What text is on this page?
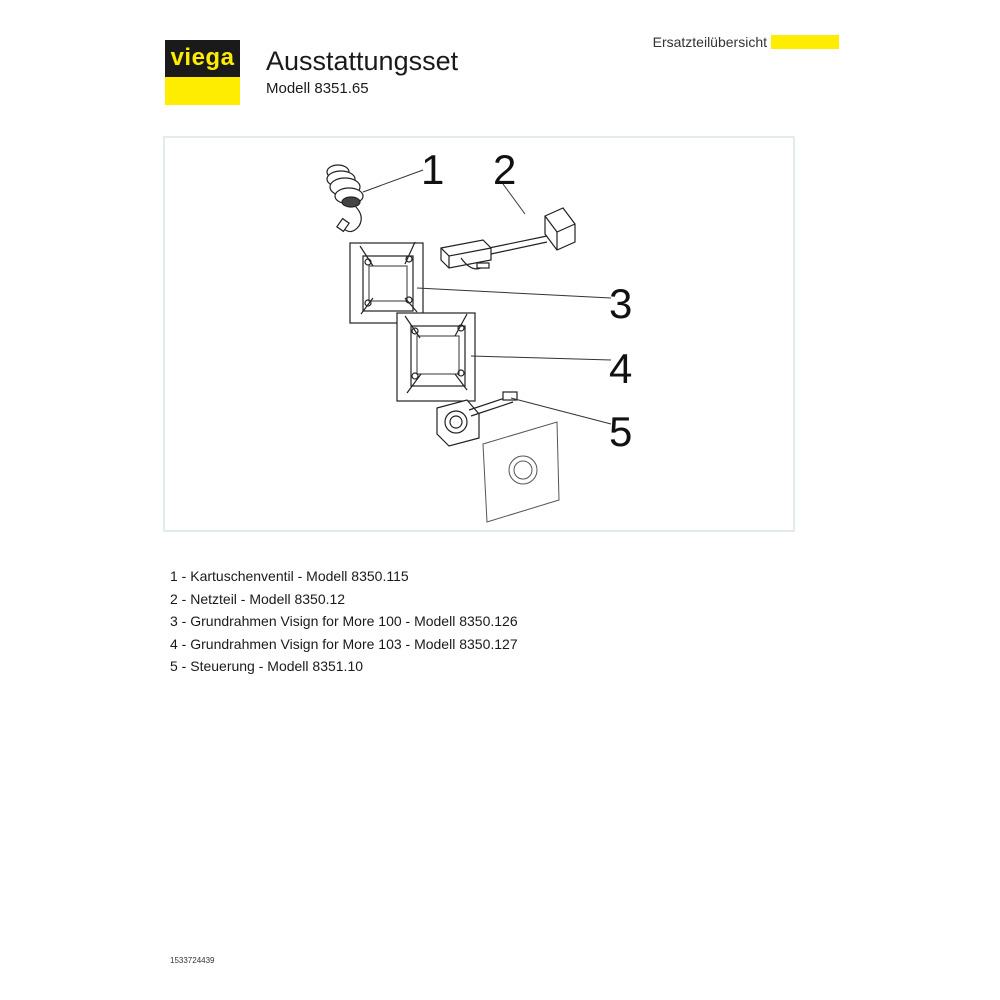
viega Ausstattungsset
Modell 8351.65
Ersatzteilübersicht
1 2
3
4
5
1 - Kartuschenventil - Modell 8350.115
2 - Netzteil - Modell 8350.12
3 - Grundrahmen Visign for More 100 - Modell 8350.126
4 - Grundrahmen Visign for More 103 - Modell 8350.127
5 - Steuerung - Modell 8351.10
1533724439
